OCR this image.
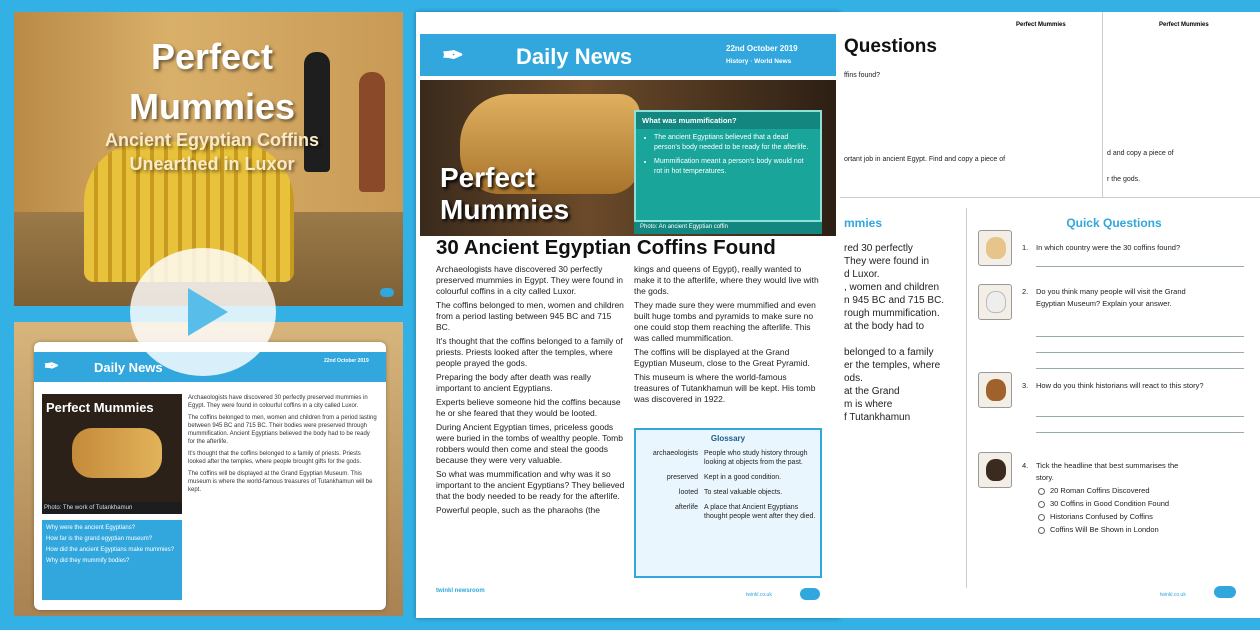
Perfect
Mummies
Ancient Egyptian Coffins Unearthed in Luxor
✒	Daily News	22nd October 2019
Perfect Mummies
Photo: The work of Tutankhamun

Archaeologists have discovered 30 perfectly preserved mummies in Egypt. They were found in colourful coffins in a city called Luxor.

The coffins belonged to men, women and children from a period lasting between 945 BC and 715 BC. Their bodies were preserved through mummification. Ancient Egyptians believed the body had to be ready for the afterlife.

It's thought that the coffins belonged to a family of priests. Priests looked after the temples, where people brought gifts for the gods.

The coffins will be displayed at the Grand Egyptian Museum. This museum is where the world-famous treasures of Tutankhamun will be kept.

Why were the ancient Egyptians?
How far is the grand egyptian museum?
How did the ancient Egyptians make mummies?
Why did they mummify bodies?
✒ Daily News	22nd October 2019
History · World News
Perfect
Mummies
What was mummification?
• The ancient Egyptians believed that a dead person's body needed to be ready for the afterlife.
• Mummification meant a person's body would not rot in hot temperatures.
Photo: An ancient Egyptian coffin
30 Ancient Egyptian Coffins Found

Archaeologists have discovered 30 perfectly preserved mummies in Egypt. They were found in colourful coffins in a city called Luxor.

The coffins belonged to men, women and children from a period lasting between 945 BC and 715 BC.

It's thought that the coffins belonged to a family of priests. Priests looked after the temples, where people prayed the gods.

Preparing the body after death was really important to ancient Egyptians.

Experts believe someone hid the coffins because he or she feared that they would be looted.

During Ancient Egyptian times, priceless goods were buried in the tombs of wealthy people. Tomb robbers would then come and steal the goods because they were very valuable.

So what was mummification and why was it so important to the ancient Egyptians? They believed that the body needed to be ready for the afterlife.

Powerful people, such as the pharaohs (the

kings and queens of Egypt), really wanted to make it to the afterlife, where they would live with the gods.

They made sure they were mummified and even built huge tombs and pyramids to make sure no one could stop them reaching the afterlife. This was called mummification.

The coffins will be displayed at the Grand Egyptian Museum, close to the Great Pyramid.

This museum is where the world-famous treasures of Tutankhamun will be kept. His tomb was discovered in 1922.

Glossary
archaeologists	People who study history through looking at objects from the past.
preserved	Kept in a good condition.
looted	To steal valuable objects.
afterlife	A place that Ancient Egyptians thought people went after they died.
twinkl newsroom
twinkl.co.uk
Questions
Perfect Mummies
ffins found?
ortant job in ancient Egypt. Find and copy a piece of
Perfect Mummies
d and copy a piece of
r the gods.
mmies
red 30 perfectly
They were found in
d Luxor.
, women and children
n 945 BC and 715 BC.
rough mummification.
at the body had to
belonged to a family
er the temples, where
ods.
at the Grand
m is where
f Tutankhamun
Quick Questions
1. In which country were the 30 coffins found?
2. Do you think many people will visit the Grand Egyptian Museum? Explain your answer.
3. How do you think historians will react to this story?
4. Tick the headline that best summarises the story.
20 Roman Coffins Discovered
30 Coffins in Good Condition Found
Historians Confused by Coffins
Coffins Will Be Shown in London
twinkl.co.uk
